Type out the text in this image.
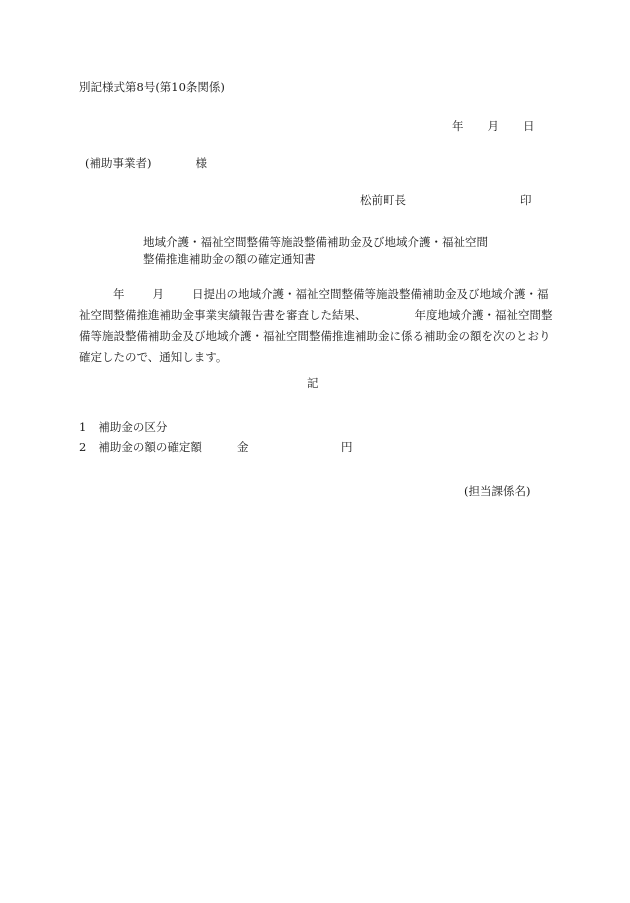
別記様式第8号(第10条関係)
年 月 日
(補助事業者)	様
松前町長	印
地域介護・福祉空間整備等施設整備補助金及び地域介護・福祉空間
整備推進補助金の額の確定通知書
年 月 日提出の地域介護・福祉空間整備等施設整備補助金及び地域介護・福祉空間整備推進補助金事業実績報告書を審査した結果、	年度地域介護・福祉空間整備等施設整備補助金及び地域介護・福祉空間整備推進補助金に係る補助金の額を次のとおり確定したので、通知します。
記
1 補助金の区分
2 補助金の額の確定額	金	円
(担当課係名)
